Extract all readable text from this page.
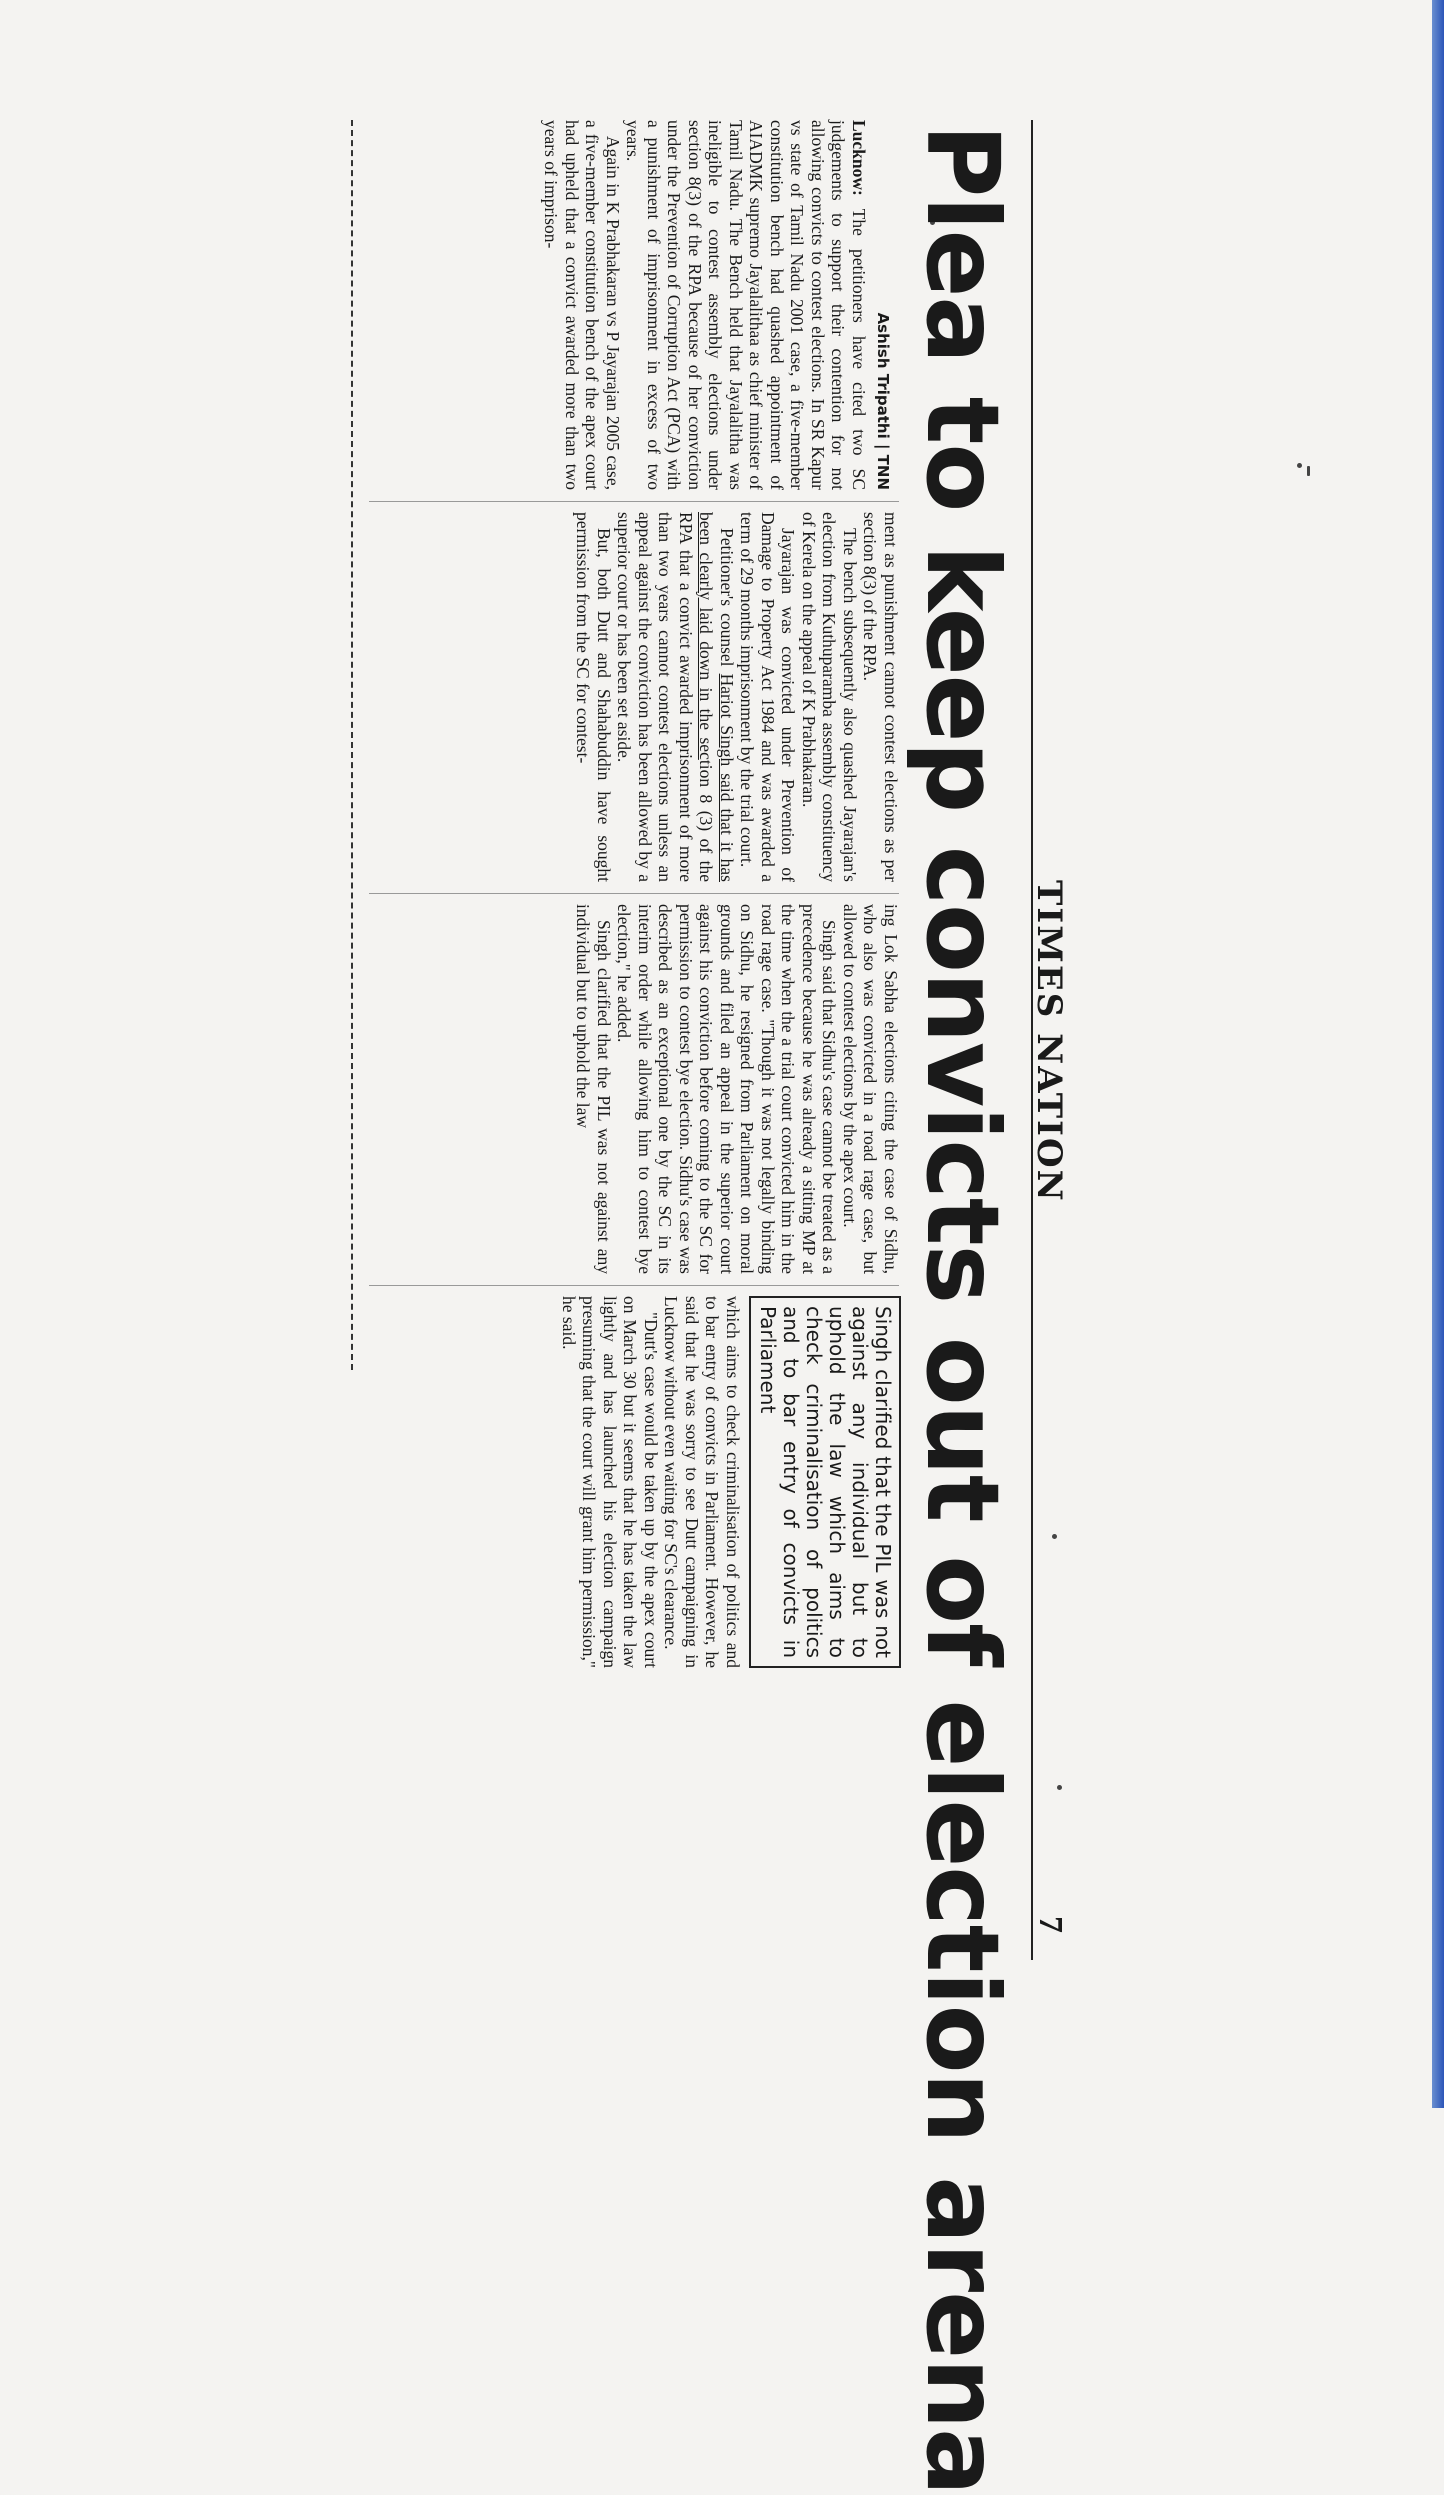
TIMES NATION
7
Plea to keep convicts out of election arena
Ashish Tripathi | TNN

Lucknow: The petitioners have cited two SC judgements to support their contention for not allowing convicts to contest elections. In SR Kapur vs state of Tamil Nadu 2001 case, a five-member constitution bench had quashed appointment of AIADMK supremo Jayalalithaa as chief minister of Tamil Nadu. The Bench held that Jayalalitha was ineligible to contest assembly elections under section 8(3) of the RPA because of her conviction under the Prevention of Corruption Act (PCA) with a punishment of imprisonment in excess of two years.

Again in K Prabhakaran vs P Jayarajan 2005 case, a five-member constitution bench of the apex court had upheld that a convict awarded more than two years of imprison-

ment as punishment cannot contest elections as per section 8(3) of the RPA.

The bench subsequently also quashed Jayarajan's election from Kuthuparamba assembly constituency of Kerela on the appeal of K Prabhakaran.

Jayarajan was convicted under Prevention of Damage to Property Act 1984 and was awarded a term of 29 months imprisonment by the trial court.

Petitioner's counsel Hariot Singh said that it has been clearly laid down in the section 8 (3) of the RPA that a convict awarded imprisonment of more than two years cannot contest elections unless an appeal against the conviction has been allowed by a superior court or has been set aside.

But, both Dutt and Shahabuddin have sought permission from the SC for contest-

ing Lok Sabha elections citing the case of Sidhu, who also was convicted in a road rage case, but allowed to contest elections by the apex court.

Singh said that Sidhu's case cannot be treated as a precedence because he was already a sitting MP at the time when the a trial court convicted him in the road rage case. "Though it was not legally binding on Sidhu, he resigned from Parliament on moral grounds and filed an appeal in the superior court against his conviction before coming to the SC for permission to contest bye election. Sidhu's case was described as an exceptional one by the SC in its interim order while allowing him to contest bye election," he added.

Singh clarified that the PIL was not against any individual but to uphold the law

Singh clarified that the PIL was not against any individual but to uphold the law which aims to check criminalisation of politics and to bar entry of convicts in Parliament

which aims to check criminalisation of politics and to bar entry of convicts in Parliament. However, he said that he was sorry to see Dutt campaigning in Lucknow without even waiting for SC's clearance.

"Dutt's case would be taken up by the apex court on March 30 but it seems that he has taken the law lightly and has launched his election campaign presuming that the court will grant him permission," he said.
